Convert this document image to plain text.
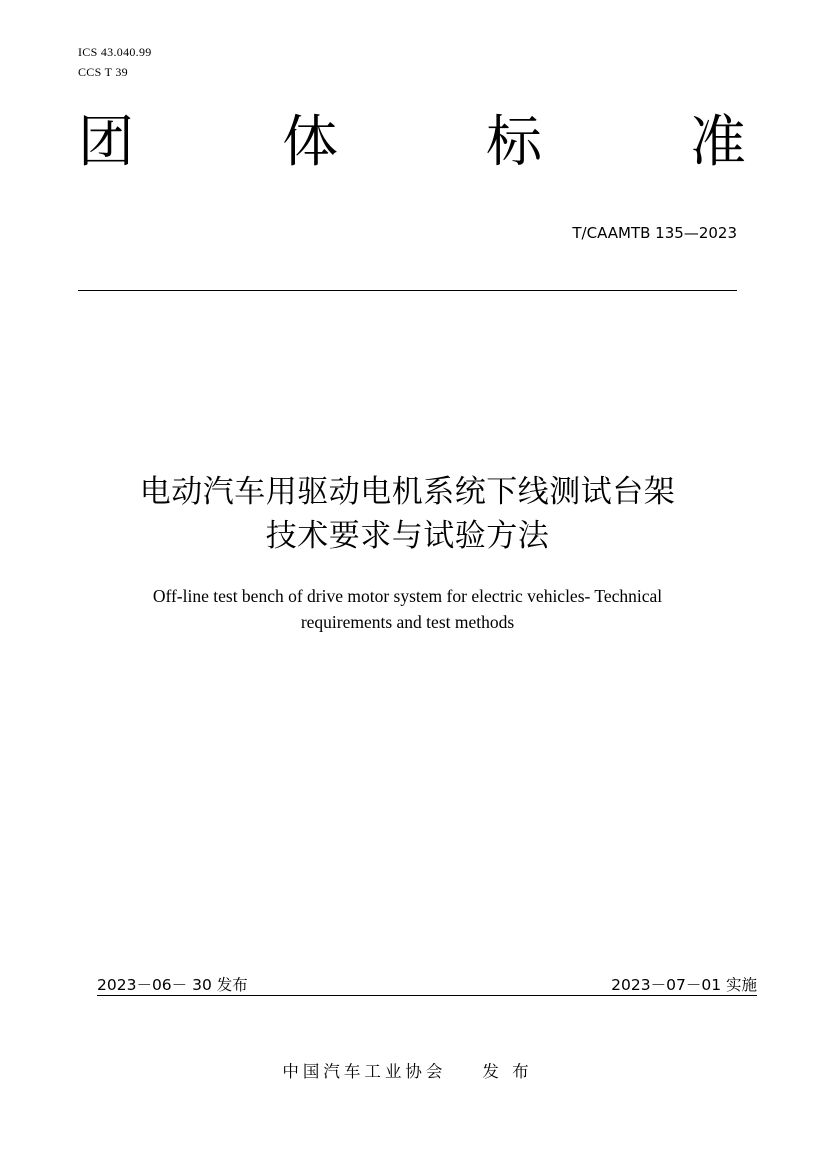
ICS 43.040.99
CCS T 39
团	体	标	准
T/CAAMTB 135—2023
电动汽车用驱动电机系统下线测试台架
技术要求与试验方法
Off-line test bench of drive motor system for electric vehicles- Technical
requirements and test methods
2023－06－ 30 发布	2023－07－01 实施
中国汽车工业协会 发 布
